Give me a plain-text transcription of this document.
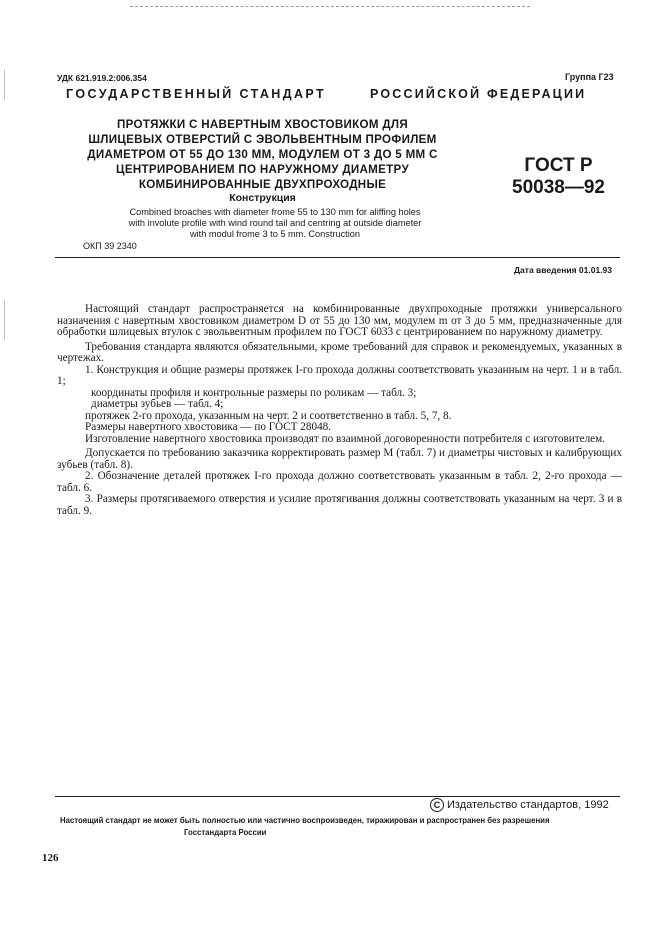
УДК 621.919.2:006.354	Группа Г23
ГОСУДАРСТВЕННЫЙ СТАНДАРТ	РОССИЙСКОЙ ФЕДЕРАЦИИ
ПРОТЯЖКИ С НАВЕРТНЫМ ХВОСТОВИКОМ ДЛЯ
ШЛИЦЕВЫХ ОТВЕРСТИЙ С ЭВОЛЬВЕНТНЫМ ПРОФИЛЕМ
ДИАМЕТРОМ ОТ 55 ДО 130 ММ, МОДУЛЕМ ОТ 3 ДО 5 ММ С
ЦЕНТРИРОВАНИЕМ ПО НАРУЖНОМУ ДИАМЕТРУ
КОМБИНИРОВАННЫЕ ДВУХПРОХОДНЫЕ
ГОСТ Р
50038—92
Конструкция
Combined broaches with diameter frome 55 to 130 mm for aliffing holes
with involute profile with wind round tail and centring at outside diameter
with modul frome 3 to 5 mm. Construction
ОКП 39 2340
Дата введения 01.01.93

Настоящий стандарт распространяется на комбинированные двухпроходные протяжки универсального назначения с навертным хвостовиком диаметром D от 55 до 130 мм, модулем m от 3 до 5 мм, предназначенные для обработки шлицевых втулок с эвольвентным профилем по ГОСТ 6033 с центрированием по наружному диаметру.

Требования стандарта являются обязательными, кроме требований для справок и рекомендуемых, указанных в чертежах.

1. Конструкция и общие размеры протяжек I-го прохода должны соответствовать указанным на черт. 1 и в табл. 1;

координаты профиля и контрольные размеры по роликам — табл. 3;

диаметры зубьев — табл. 4;

протяжек 2-го прохода, указанным на черт. 2 и соответственно в табл. 5, 7, 8.

Размеры навертного хвостовика — по ГОСТ 28048.

Изготовление навертного хвостовика производят по взаимной договоренности потребителя с изготовителем.

Допускается по требованию заказчика корректировать размер M (табл. 7) и диаметры чистовых и калибрующих зубьев (табл. 8).

2. Обозначение деталей протяжек I-го прохода должно соответствовать указанным в табл. 2, 2-го прохода — табл. 6.

3. Размеры протягиваемого отверстия и усилие протягивания должны соответствовать указанным на черт. 3 и в табл. 9.

C Издательство стандартов, 1992
Настоящий стандарт не может быть полностью или частично воспроизведен, тиражирован и распространен без разрешения
Госстандарта России
126
